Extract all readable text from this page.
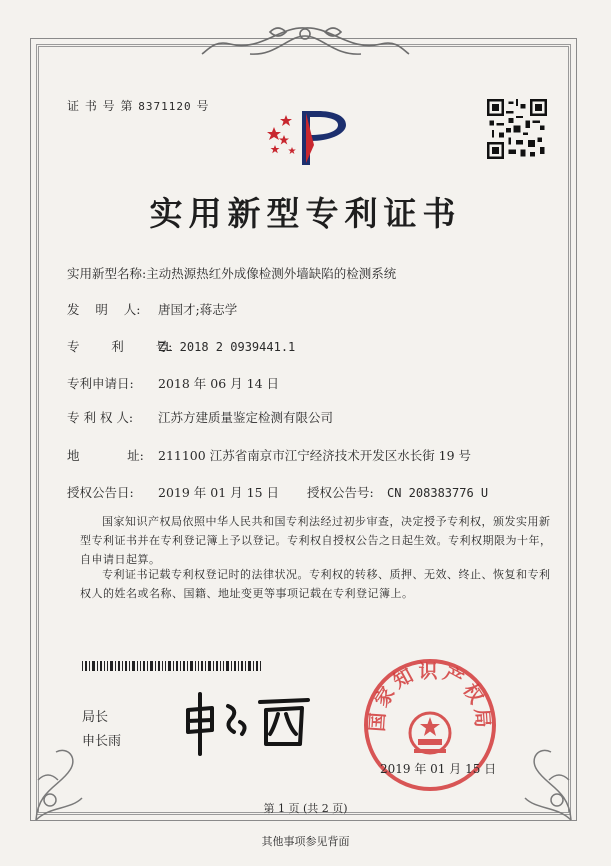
证 书 号 第 8371120 号
实用新型专利证书
实用新型名称:主动热源热红外成像检测外墙缺陷的检测系统
发    明    人: 唐国才;蒋志学
专        利        号:ZL 2018 2 0939441.1
专利申请日: 2018 年 06 月 14 日
专 利 权 人: 江苏方建质量鉴定检测有限公司
地            址: 211100 江苏省南京市江宁经济技术开发区水长街 19 号
授权公告日: 2019 年 01 月 15 日 授权公告号: CN 208383776 U

国家知识产权局依照中华人民共和国专利法经过初步审查，决定授予专利权，颁发实用新型专利证书并在专利登记簿上予以登记。专利权自授权公告之日起生效。专利权期限为十年，自申请日起算。

专利证书记载专利权登记时的法律状况。专利权的转移、质押、无效、终止、恢复和专利权人的姓名或名称、国籍、地址变更等事项记载在专利登记簿上。

局长
申长雨
国家知识产权局
2019 年 01 月 15 日
第 1 页 (共 2 页)
其他事项参见背面
